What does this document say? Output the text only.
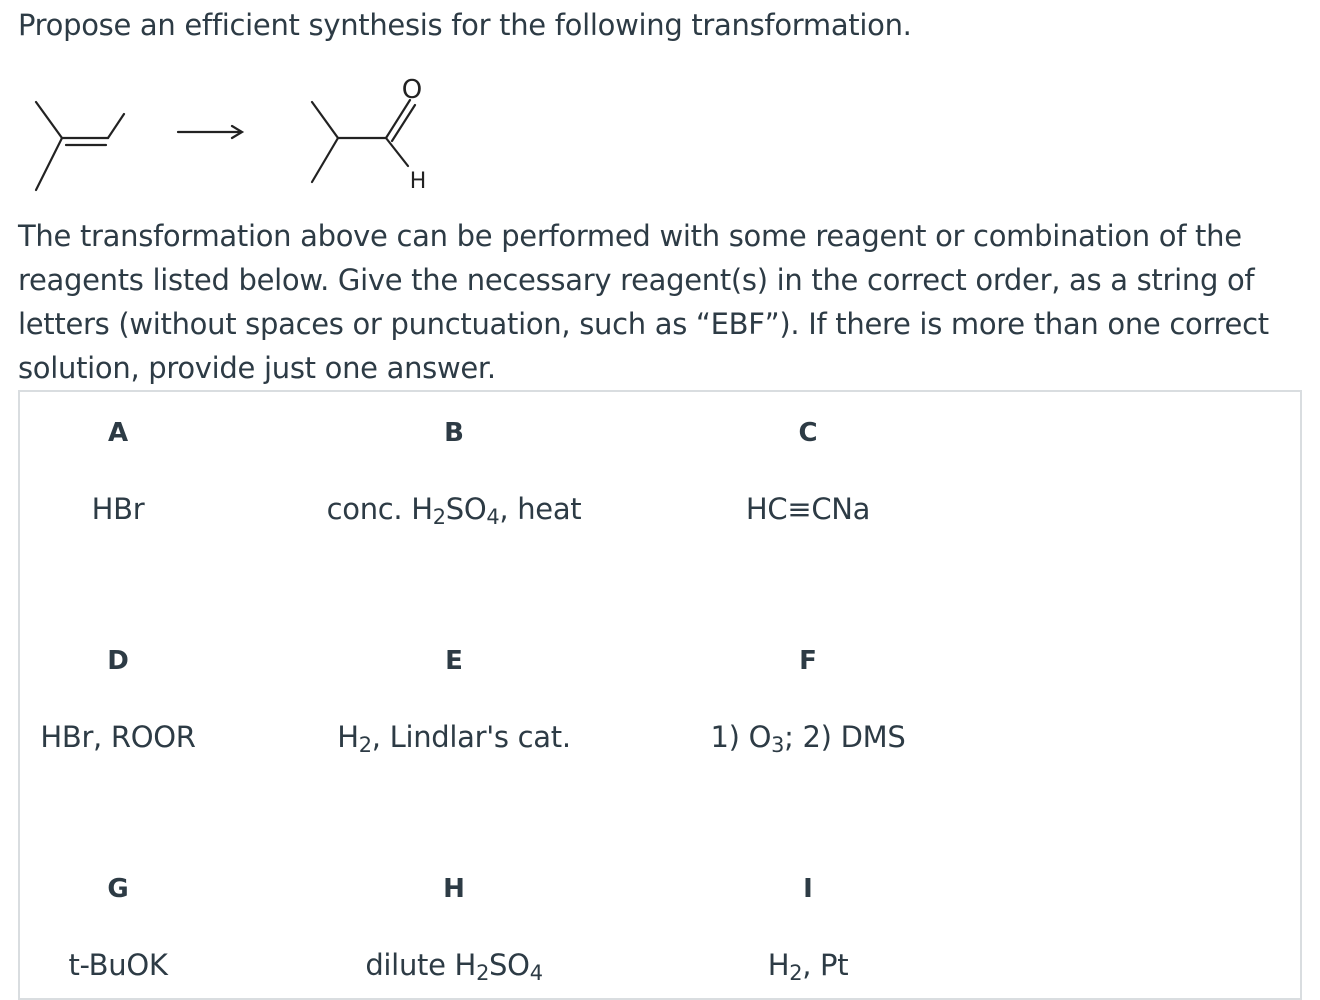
Propose an efficient synthesis for the following transformation.
O
H
The transformation above can be performed with some reagent or combination of the reagents listed below. Give the necessary reagent(s) in the correct order, as a string of letters (without spaces or punctuation, such as “EBF”). If there is more than one correct solution, provide just one answer.
A
HBr
B
conc. $H_2SO_4$, heat
C
HC≡CNa
D
HBr, ROOR
E
$H_2$, Lindlar's cat.
F
1) $O_3$; 2) DMS
G
t-BuOK
H
dilute $H_2SO_4$
I
$H_2$, Pt
